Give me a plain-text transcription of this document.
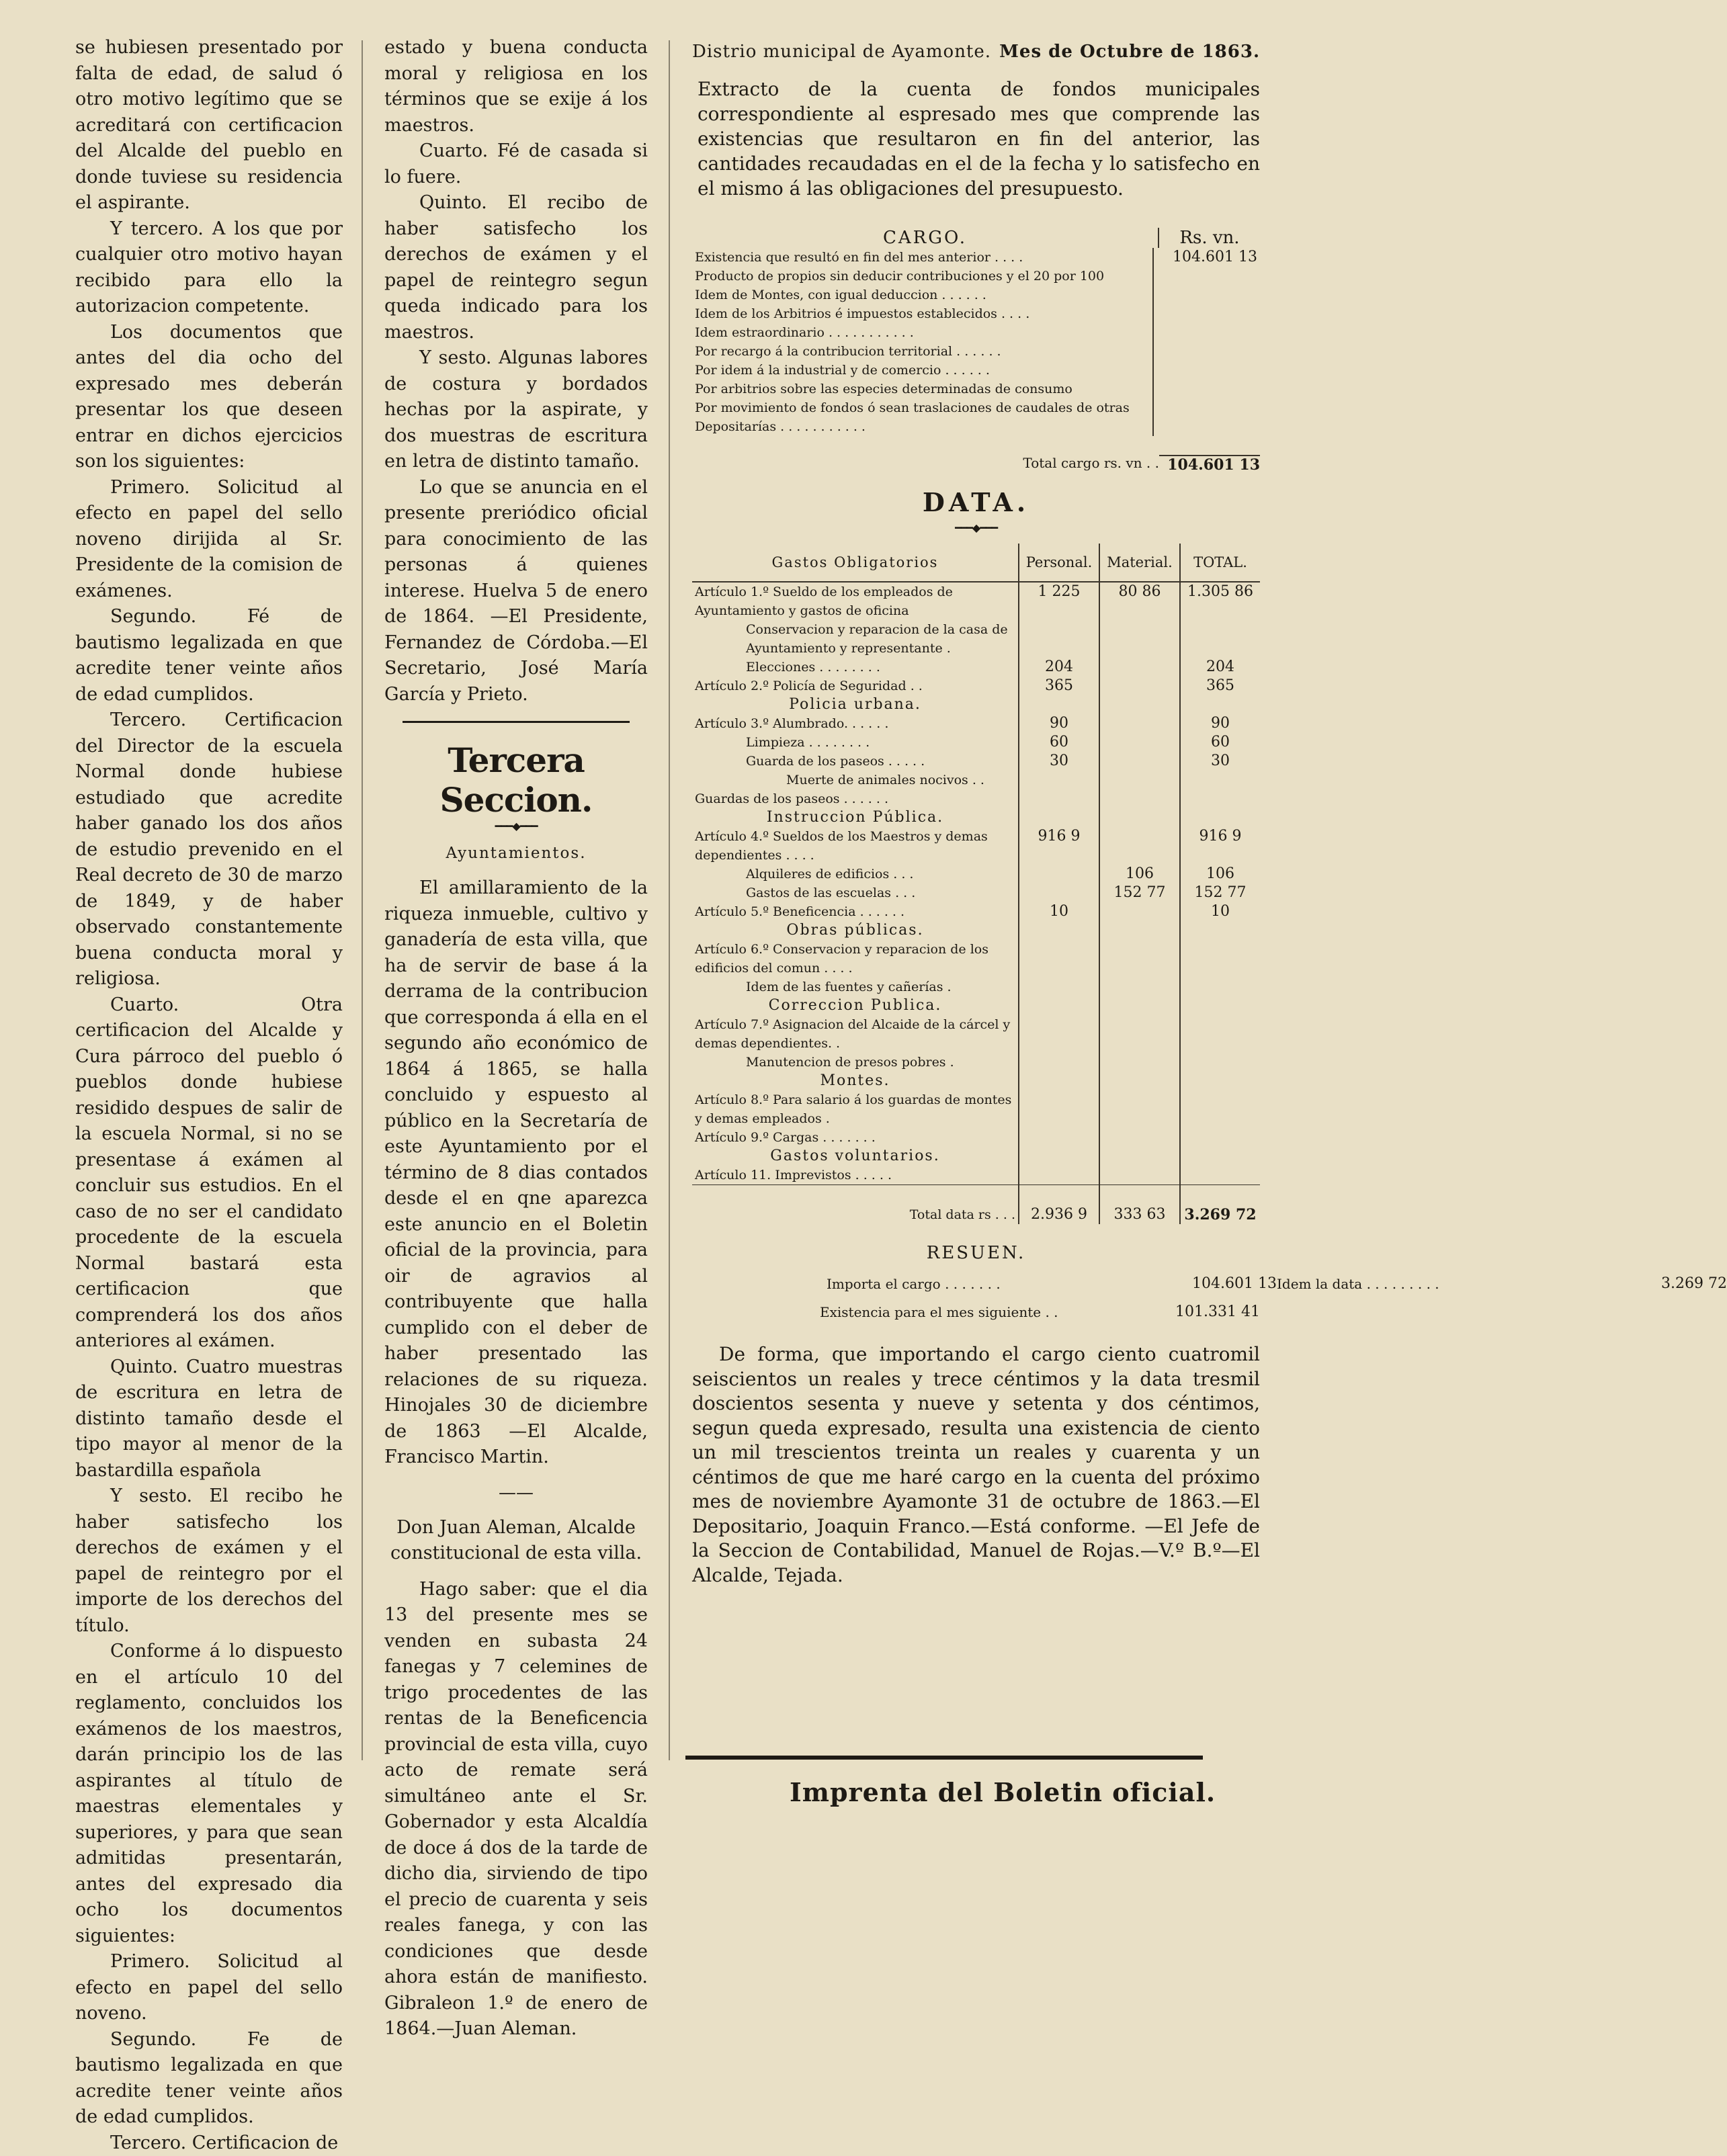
se hubiesen presentado por falta de edad, de salud ó otro motivo legítimo que se acreditará con certificacion del Alcalde del pueblo en donde tuviese su residencia el aspirante.

Y tercero. A los que por cualquier otro motivo hayan recibido para ello la autorizacion competente.

Los documentos que antes del dia ocho del expresado mes deberán presentar los que deseen entrar en dichos ejercicios son los siguientes:

Primero. Solicitud al efecto en papel del sello noveno dirijida al Sr. Presidente de la comision de exámenes.

Segundo. Fé de bautismo legalizada en que acredite tener veinte años de edad cumplidos.

Tercero. Certificacion del Director de la escuela Normal donde hubiese estudiado que acredite haber ganado los dos años de estudio prevenido en el Real decreto de 30 de marzo de 1849, y de haber observado constantemente buena conducta moral y religiosa.

Cuarto. Otra certificacion del Alcalde y Cura párroco del pueblo ó pueblos donde hubiese residido despues de salir de la escuela Normal, si no se presentase á exámen al concluir sus estudios. En el caso de no ser el candidato procedente de la escuela Normal bastará esta certificacion que comprenderá los dos años anteriores al exámen.

Quinto. Cuatro muestras de escritura en letra de distinto tamaño desde el tipo mayor al menor de la bastardilla española

Y sesto. El recibo he haber satisfecho los derechos de exámen y el papel de reintegro por el importe de los derechos del título.

Conforme á lo dispuesto en el artículo 10 del reglamento, concluidos los exámenos de los maestros, darán principio los de las aspirantes al título de maestras elementales y superiores, y para que sean admitidas presentarán, antes del expresado dia ocho los documentos siguientes:

Primero. Solicitud al efecto en papel del sello noveno.

Segundo. Fe de bautismo legalizada en que acredite tener veinte años de edad cumplidos.

Tercero. Certificacion de

estado y buena conducta moral y religiosa en los términos que se exije á los maestros.

Cuarto. Fé de casada si lo fuere.

Quinto. El recibo de haber satisfecho los derechos de exámen y el papel de reintegro segun queda indicado para los maestros.

Y sesto. Algunas labores de costura y bordados hechas por la aspirate, y dos muestras de escritura en letra de distinto tamaño.

Lo que se anuncia en el presente preriódico oficial para conocimiento de las personas á quienes interese. Huelva 5 de enero de 1864. —El Presidente, Fernandez de Córdoba.—El Secretario, José María García y Prieto.

Tercera Seccion.
━━━◆━━━
Ayuntamientos.

El amillaramiento de la riqueza inmueble, cultivo y ganadería de esta villa, que ha de servir de base á la derrama de la contribucion que corresponda á ella en el segundo año económico de 1864 á 1865, se halla concluido y espuesto al público en la Secretaría de este Ayuntamiento por el término de 8 dias contados desde el en qne aparezca este anuncio en el Boletin oficial de la provincia, para oir de agravios al contribuyente que halla cumplido con el deber de haber presentado las relaciones de su riqueza. Hinojales 30 de diciembre de 1863 —El Alcalde, Francisco Martin.

——
Don Juan Aleman, Alcalde constitucional de esta villa.

Hago saber: que el dia 13 del presente mes se venden en subasta 24 fanegas y 7 celemines de trigo procedentes de las rentas de la Beneficencia provincial de esta villa, cuyo acto de remate será simultáneo ante el Sr. Gobernador y esta Alcaldía de doce á dos de la tarde de dicho dia, sirviendo de tipo el precio de cuarenta y seis reales fanega, y con las condiciones que desde ahora están de manifiesto. Gibraleon 1.º de enero de 1864.—Juan Aleman.

Distrio municipal de Ayamonte. Mes de Octubre de 1863.

Extracto de la cuenta de fondos municipales correspondiente al espresado mes que comprende las existencias que resultaron en fin del anterior, las cantidades recaudadas en el de la fecha y lo satisfecho en el mismo á las obligaciones del presupuesto.

CARGO.	Rs. vn.
Existencia que resultó en fin del mes anterior . . . .	104.601 13
Producto de propios sin deducir contribuciones y el 20 por 100	
Idem de Montes, con igual deduccion . . . . . .	
Idem de los Arbitrios é impuestos establecidos . . . .	
Idem estraordinario . . . . . . . . . . .	
Por recargo á la contribucion territorial . . . . . .	
Por idem á la industrial y de comercio . . . . . .	
Por arbitrios sobre las especies determinadas de consumo	
Por movimiento de fondos ó sean traslaciones de caudales de otras Depositarías . . . . . . . . . . .	
Total cargo rs. vn . . 104.601 13
DATA.
━━━◆━━━
Gastos Obligatorios	Personal.	Material.	TOTAL.
Artículo 1.º Sueldo de los empleados de Ayuntamiento y gastos de oficina	1 225	80 86	1.305 86
Conservacion y reparacion de la casa de Ayuntamiento y representante .			
Elecciones . . . . . . . .	204		204
Artículo 2.º Policía de Seguridad . .	365		365
Policia urbana.			
Artículo 3.º Alumbrado. . . . . .	90		90
Limpieza . . . . . . . .	60		60
Guarda de los paseos . . . . .	30		30
Muerte de animales nocivos . .			
Guardas de los paseos . . . . . .			
Instruccion Pública.			
Artículo 4.º Sueldos de los Maestros y demas dependientes . . . .	916 9		916 9
Alquileres de edificios . . .		106	106
Gastos de las escuelas . . .		152 77	152 77
Artículo 5.º Beneficencia . . . . . .	10		10
Obras públicas.			
Artículo 6.º Conservacion y reparacion de los edificios del comun . . . .			
Idem de las fuentes y cañerías .			
Correccion Publica.			
Artículo 7.º Asignacion del Alcaide de la cárcel y demas dependientes. .			
Manutencion de presos pobres .			
Montes.			
Artículo 8.º Para salario á los guardas de montes y demas empleados .			
Artículo 9.º Cargas . . . . . . .			
Gastos voluntarios.			
Artículo 11. Imprevistos . . . . .			
Total data rs . . .	2.936 9	333 63	3.269 72
RESUEN.
Importa el cargo . . . . . . .	104.601 13 Idem la data . . . . . . . . .	3.269 72
Existencia para el mes siguiente . .	101.331 41

De forma, que importando el cargo ciento cuatromil seiscientos un reales y trece céntimos y la data tresmil doscientos sesenta y nueve y setenta y dos céntimos, segun queda expresado, resulta una existencia de ciento un mil trescientos treinta un reales y cuarenta y un céntimos de que me haré cargo en la cuenta del próximo mes de noviembre Ayamonte 31 de octubre de 1863.—El Depositario, Joaquin Franco.—Está conforme. —El Jefe de la Seccion de Contabilidad, Manuel de Rojas.—V.º B.º—El Alcalde, Tejada.

Imprenta del Boletin oficial.
